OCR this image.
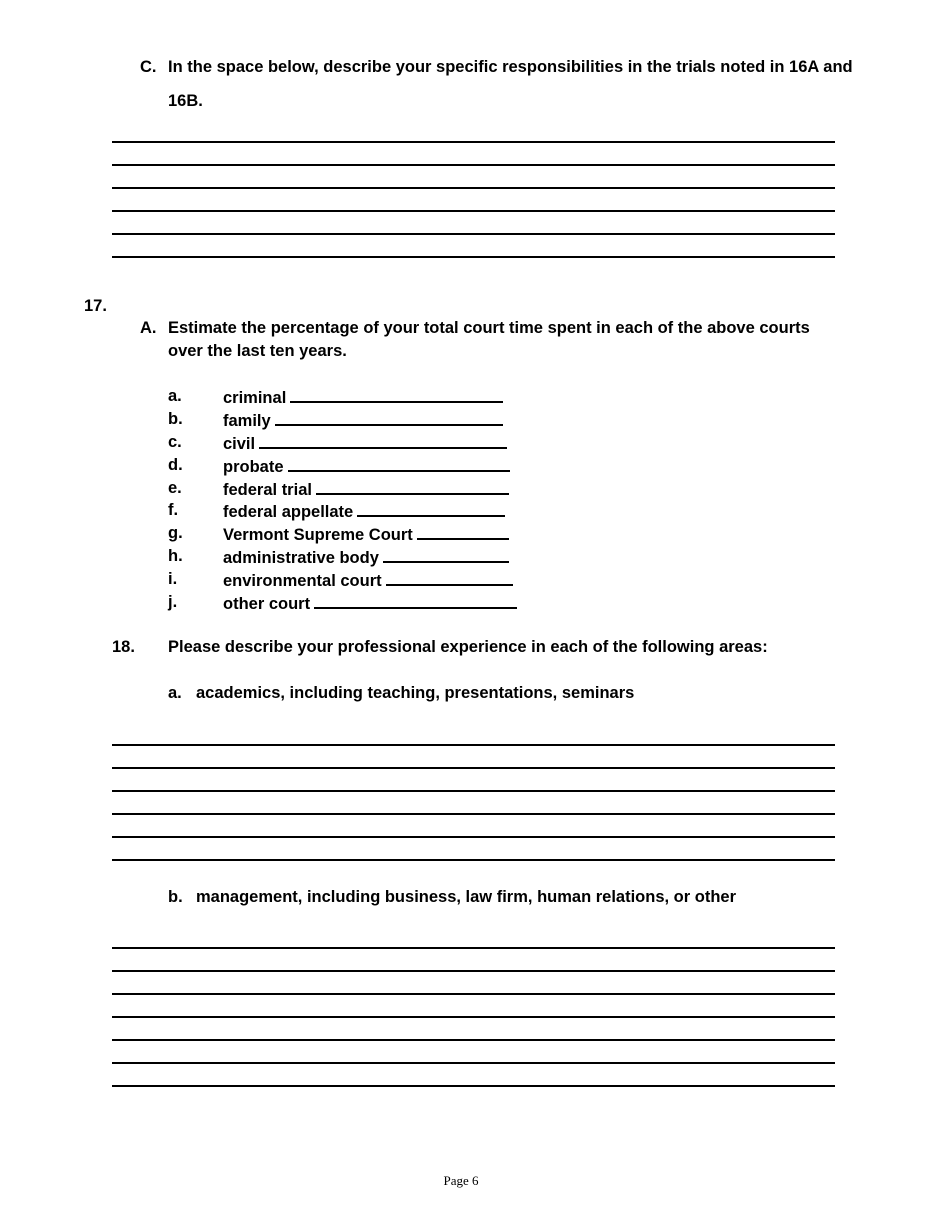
C. In the space below, describe your specific responsibilities in the trials noted in 16A and
16B.
17.
A. Estimate the percentage of your total court time spent in each of the above courts
over the last ten years.
a. criminal
b. family
c. civil
d. probate
e. federal trial
f.	federal appellate
g. Vermont Supreme Court
h. administrative body
i.	environmental court
j.	other court
18. Please describe your professional experience in each of the following areas:
a. academics, including teaching, presentations, seminars
b. management, including business, law firm, human relations, or other
Page 6
